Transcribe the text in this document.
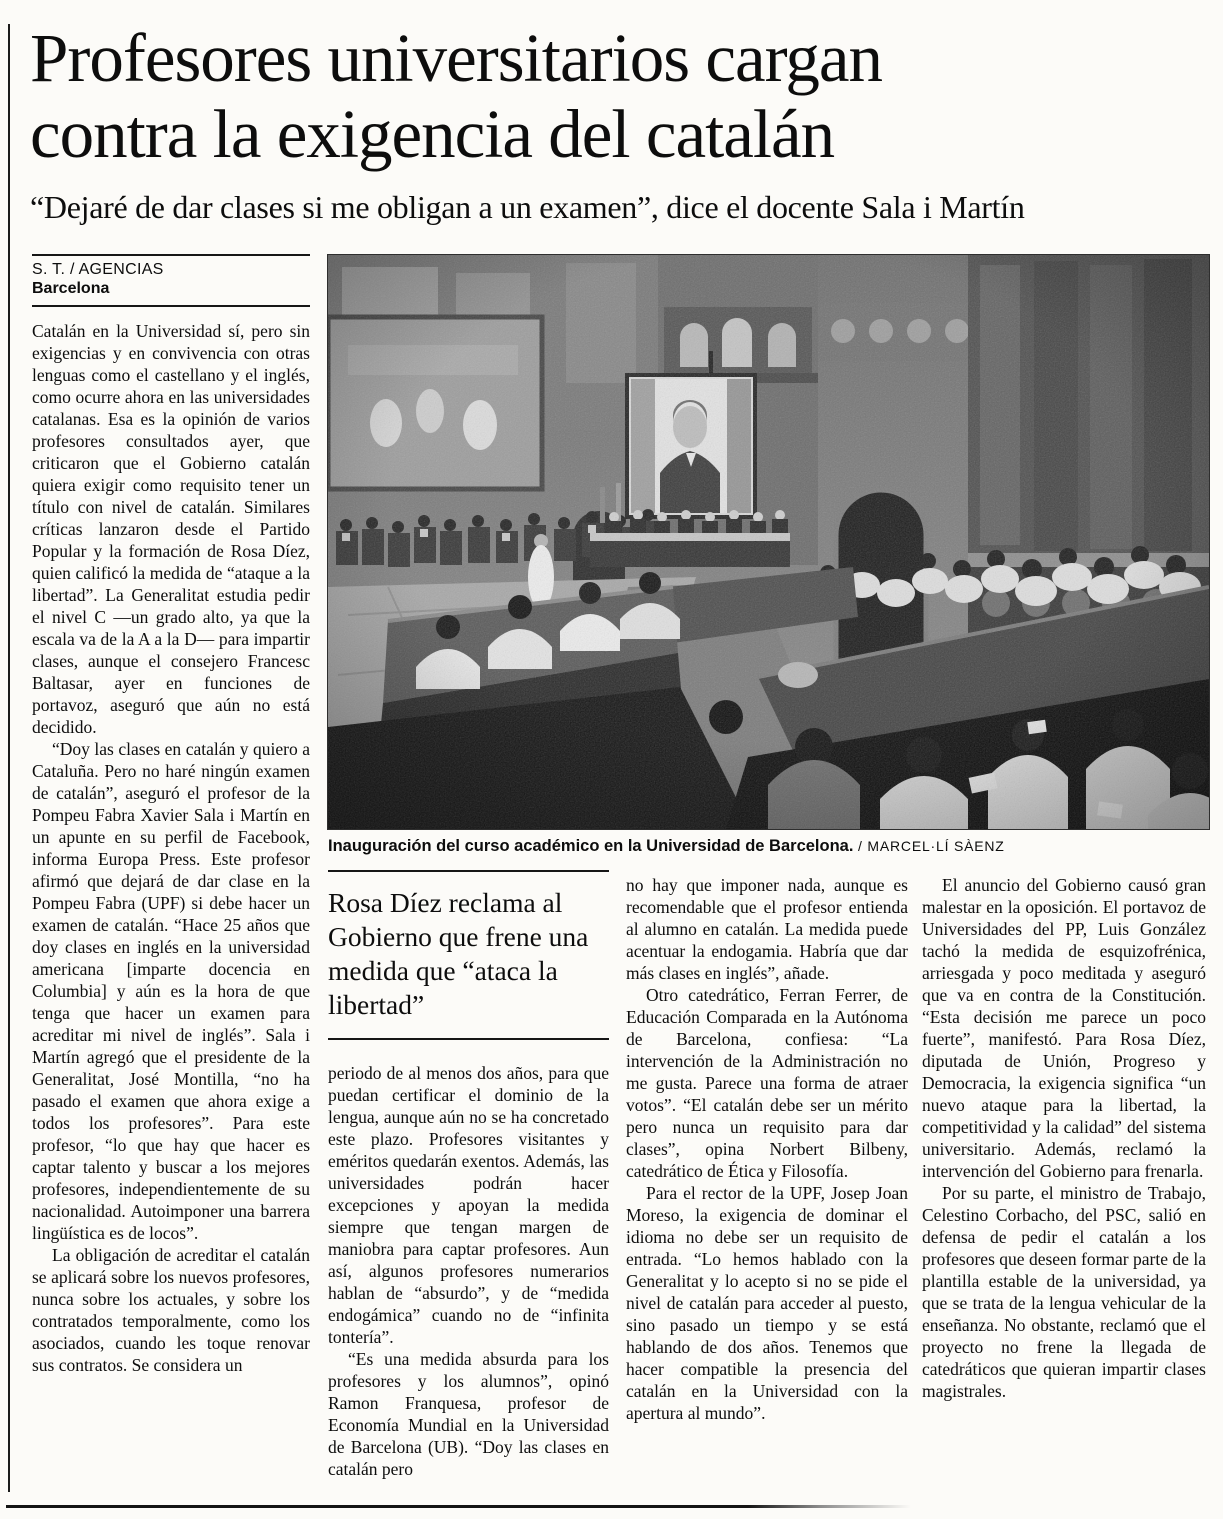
Profesores universitarios cargan
contra la exigencia del catalán
“Dejaré de dar clases si me obligan a un examen”, dice el docente Sala i Martín
S. T. / AGENCIAS
Barcelona
Inauguración del curso académico en la Universidad de Barcelona. / MARCEL·LÍ SÀENZ

Catalán en la Universidad sí, pero sin exigencias y en convivencia con otras lenguas como el castellano y el inglés, como ocurre ahora en las universidades catalanas. Esa es la opinión de varios profesores consultados ayer, que criticaron que el Gobierno catalán quiera exigir como requisito tener un título con nivel de catalán. Similares críticas lanzaron desde el Partido Popular y la formación de Rosa Díez, quien calificó la medida de “ataque a la libertad”. La Generalitat estudia pedir el nivel C —un grado alto, ya que la escala va de la A a la D— para impartir clases, aunque el consejero Francesc Baltasar, ayer en funciones de portavoz, aseguró que aún no está decidido.

“Doy las clases en catalán y quiero a Cataluña. Pero no haré ningún examen de catalán”, aseguró el profesor de la Pompeu Fabra Xavier Sala i Martín en un apunte en su perfil de Facebook, informa Europa Press. Este profesor afirmó que dejará de dar clase en la Pompeu Fabra (UPF) si debe hacer un examen de catalán. “Hace 25 años que doy clases en inglés en la universidad americana [imparte docencia en Columbia] y aún es la hora de que tenga que hacer un examen para acreditar mi nivel de inglés”. Sala i Martín agregó que el presidente de la Generalitat, José Montilla, “no ha pasado el examen que ahora exige a todos los profesores”. Para este profesor, “lo que hay que hacer es captar talento y buscar a los mejores profesores, independientemente de su nacionalidad. Autoimponer una barrera lingüística es de locos”.

La obligación de acreditar el catalán se aplicará sobre los nuevos profesores, nunca sobre los actuales, y sobre los contratados temporalmente, como los asociados, cuando les toque renovar sus contratos. Se considera un

Rosa Díez reclama al Gobierno que frene una medida que “ataca la libertad”

periodo de al menos dos años, para que puedan certificar el dominio de la lengua, aunque aún no se ha concretado este plazo. Profesores visitantes y eméritos quedarán exentos. Además, las universidades podrán hacer excepciones y apoyan la medida siempre que tengan margen de maniobra para captar profesores. Aun así, algunos profesores numerarios hablan de “absurdo”, y de “medida endogámica” cuando no de “infinita tontería”.

“Es una medida absurda para los profesores y los alumnos”, opinó Ramon Franquesa, profesor de Economía Mundial en la Universidad de Barcelona (UB). “Doy las clases en catalán pero

no hay que imponer nada, aunque es recomendable que el profesor entienda al alumno en catalán. La medida puede acentuar la endogamia. Habría que dar más clases en inglés”, añade.

Otro catedrático, Ferran Ferrer, de Educación Comparada en la Autónoma de Barcelona, confiesa: “La intervención de la Administración no me gusta. Parece una forma de atraer votos”. “El catalán debe ser un mérito pero nunca un requisito para dar clases”, opina Norbert Bilbeny, catedrático de Ética y Filosofía.

Para el rector de la UPF, Josep Joan Moreso, la exigencia de dominar el idioma no debe ser un requisito de entrada. “Lo hemos hablado con la Generalitat y lo acepto si no se pide el nivel de catalán para acceder al puesto, sino pasado un tiempo y se está hablando de dos años. Tenemos que hacer compatible la presencia del catalán en la Universidad con la apertura al mundo”.

El anuncio del Gobierno causó gran malestar en la oposición. El portavoz de Universidades del PP, Luis González tachó la medida de esquizofrénica, arriesgada y poco meditada y aseguró que va en contra de la Constitución. “Esta decisión me parece un poco fuerte”, manifestó. Para Rosa Díez, diputada de Unión, Progreso y Democracia, la exigencia significa “un nuevo ataque para la libertad, la competitividad y la calidad” del sistema universitario. Además, reclamó la intervención del Gobierno para frenarla.

Por su parte, el ministro de Trabajo, Celestino Corbacho, del PSC, salió en defensa de pedir el catalán a los profesores que deseen formar parte de la plantilla estable de la universidad, ya que se trata de la lengua vehicular de la enseñanza. No obstante, reclamó que el proyecto no frene la llegada de catedráticos que quieran impartir clases magistrales.
